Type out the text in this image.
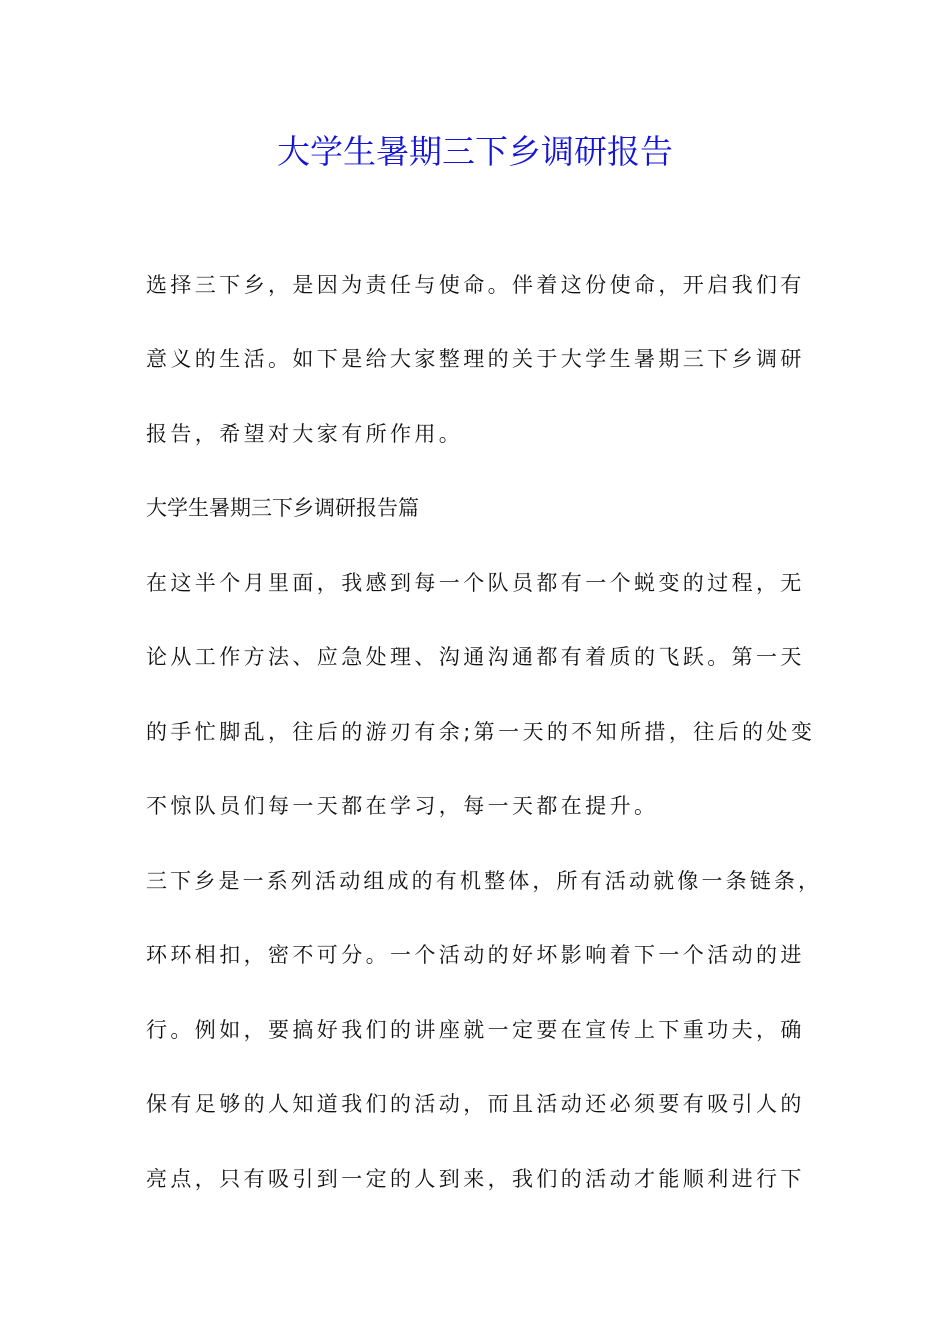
大学生暑期三下乡调研报告

选择三下乡，是因为责任与使命。伴着这份使命，开启我们有

意义的生活。如下是给大家整理的关于大学生暑期三下乡调研

报告，希望对大家有所作用。

大学生暑期三下乡调研报告篇

在这半个月里面，我感到每一个队员都有一个蜕变的过程，无

论从工作方法、应急处理、沟通沟通都有着质的飞跃。第一天

的手忙脚乱，往后的游刃有余;第一天的不知所措，往后的处变

不惊队员们每一天都在学习，每一天都在提升。

三下乡是一系列活动组成的有机整体，所有活动就像一条链条，

环环相扣，密不可分。一个活动的好坏影响着下一个活动的进

行。例如，要搞好我们的讲座就一定要在宣传上下重功夫，确

保有足够的人知道我们的活动，而且活动还必须要有吸引人的

亮点，只有吸引到一定的人到来，我们的活动才能顺利进行下
